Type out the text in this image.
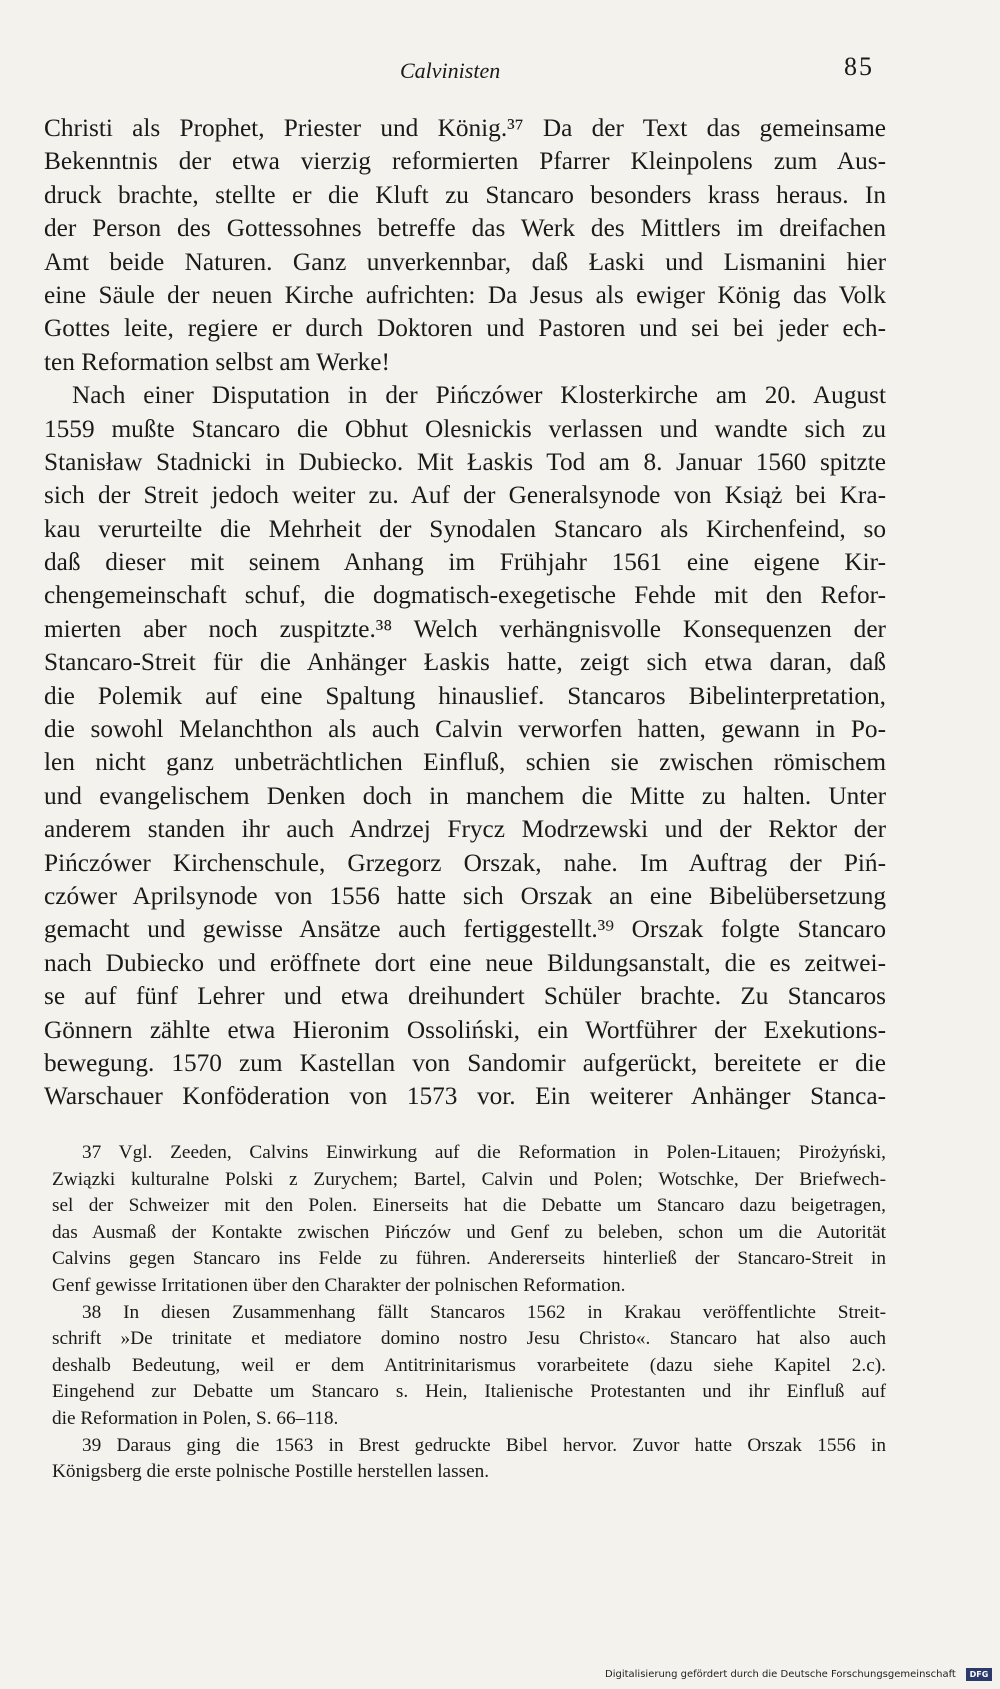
Calvinisten	85
Christi als Prophet, Priester und König.³⁷ Da der Text das gemeinsame
Bekenntnis der etwa vierzig reformierten Pfarrer Kleinpolens zum Aus-
druck brachte, stellte er die Kluft zu Stancaro besonders krass heraus. In
der Person des Gottessohnes betreffe das Werk des Mittlers im dreifachen
Amt beide Naturen. Ganz unverkennbar, daß Łaski und Lismanini hier
eine Säule der neuen Kirche aufrichten: Da Jesus als ewiger König das Volk
Gottes leite, regiere er durch Doktoren und Pastoren und sei bei jeder ech-
ten Reformation selbst am Werke!
Nach einer Disputation in der Pińczówer Klosterkirche am 20. August
1559 mußte Stancaro die Obhut Olesnickis verlassen und wandte sich zu
Stanisław Stadnicki in Dubiecko. Mit Łaskis Tod am 8. Januar 1560 spitzte
sich der Streit jedoch weiter zu. Auf der Generalsynode von Książ bei Kra-
kau verurteilte die Mehrheit der Synodalen Stancaro als Kirchenfeind, so
daß dieser mit seinem Anhang im Frühjahr 1561 eine eigene Kir-
chengemeinschaft schuf, die dogmatisch-exegetische Fehde mit den Refor-
mierten aber noch zuspitzte.³⁸ Welch verhängnisvolle Konsequenzen der
Stancaro-Streit für die Anhänger Łaskis hatte, zeigt sich etwa daran, daß
die Polemik auf eine Spaltung hinauslief. Stancaros Bibelinterpretation,
die sowohl Melanchthon als auch Calvin verworfen hatten, gewann in Po-
len nicht ganz unbeträchtlichen Einfluß, schien sie zwischen römischem
und evangelischem Denken doch in manchem die Mitte zu halten. Unter
anderem standen ihr auch Andrzej Frycz Modrzewski und der Rektor der
Pińczówer Kirchenschule, Grzegorz Orszak, nahe. Im Auftrag der Piń-
czówer Aprilsynode von 1556 hatte sich Orszak an eine Bibelübersetzung
gemacht und gewisse Ansätze auch fertiggestellt.³⁹ Orszak folgte Stancaro
nach Dubiecko und eröffnete dort eine neue Bildungsanstalt, die es zeitwei-
se auf fünf Lehrer und etwa dreihundert Schüler brachte. Zu Stancaros
Gönnern zählte etwa Hieronim Ossoliński, ein Wortführer der Exekutions-
bewegung. 1570 zum Kastellan von Sandomir aufgerückt, bereitete er die
Warschauer Konföderation von 1573 vor. Ein weiterer Anhänger Stanca-
37 Vgl. Zeeden, Calvins Einwirkung auf die Reformation in Polen-Litauen; Pirożyński,
Związki kulturalne Polski z Zurychem; Bartel, Calvin und Polen; Wotschke, Der Briefwech-
sel der Schweizer mit den Polen. Einerseits hat die Debatte um Stancaro dazu beigetragen,
das Ausmaß der Kontakte zwischen Pińczów und Genf zu beleben, schon um die Autorität
Calvins gegen Stancaro ins Felde zu führen. Andererseits hinterließ der Stancaro-Streit in
Genf gewisse Irritationen über den Charakter der polnischen Reformation.
38 In diesen Zusammenhang fällt Stancaros 1562 in Krakau veröffentlichte Streit-
schrift »De trinitate et mediatore domino nostro Jesu Christo«. Stancaro hat also auch
deshalb Bedeutung, weil er dem Antitrinitarismus vorarbeitete (dazu siehe Kapitel 2.c).
Eingehend zur Debatte um Stancaro s. Hein, Italienische Protestanten und ihr Einfluß auf
die Reformation in Polen, S. 66–118.
39 Daraus ging die 1563 in Brest gedruckte Bibel hervor. Zuvor hatte Orszak 1556 in
Königsberg die erste polnische Postille herstellen lassen.
Digitalisierung gefördert durch die Deutsche Forschungsgemeinschaft	DFG
